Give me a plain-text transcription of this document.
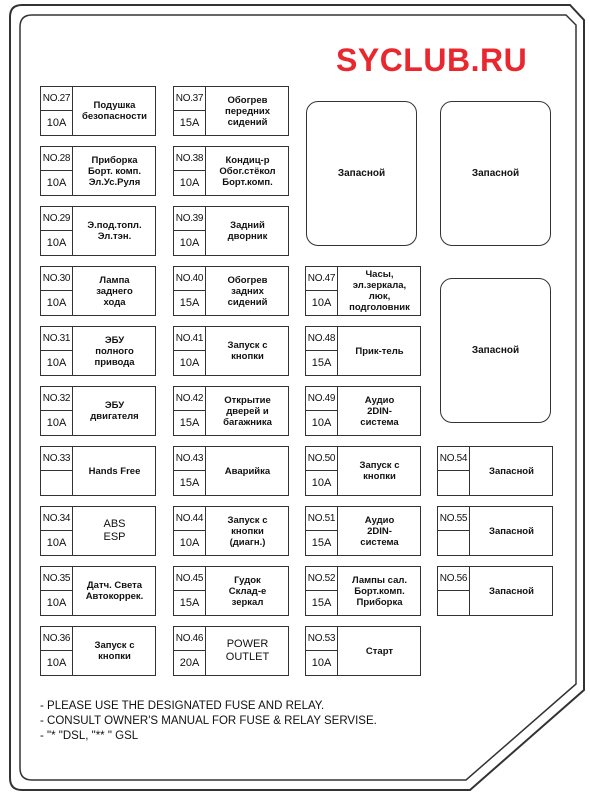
SYCLUB.RU
NO.27
10A
Подушка
безопасности
NO.28
10A
Приборка
Борт. комп.
Эл.Ус.Руля
NO.29
10A
Э.под.топл.
Эл.тэн.
NO.30
10A
Лампа
заднего
хода
NO.31
10A
ЭБУ
полного
привода
NO.32
10A
ЭБУ
двигателя
NO.33
Hands Free
NO.34
10A
ABS
ESP
NO.35
10A
Датч. Света
Автокоррек.
NO.36
10A
Запуск с
кнопки
NO.37
15A
Обогрев
передних
сидений
NO.38
10A
Кондиц-р
Обог.стёкол
Борт.комп.
NO.39
10A
Задний
дворник
NO.40
15A
Обогрев
задних
сидений
NO.41
10A
Запуск с
кнопки
NO.42
15A
Открытие
дверей и
багажника
NO.43
15A
Аварийка
NO.44
10A
Запуск с
кнопки
(диагн.)
NO.45
15A
Гудок
Склад-е
зеркал
NO.46
20A
POWER
OUTLET
NO.47
10A
Часы,
эл.зеркала,
люк,
подголовник
NO.48
15A
Прик-тель
NO.49
10A
Аудио
2DIN-
система
NO.50
10A
Запуск с
кнопки
NO.51
15A
Аудио
2DIN-
система
NO.52
15A
Лампы сал.
Борт.комп.
Приборка
NO.53
10A
Старт
NO.54
Запасной
NO.55
Запасной
NO.56
Запасной
Запасной	Запасной
Запасной
- PLEASE USE THE DESIGNATED FUSE AND RELAY.
- CONSULT OWNER'S MANUAL FOR FUSE & RELAY SERVISE.
- "* "DSL, "** " GSL
